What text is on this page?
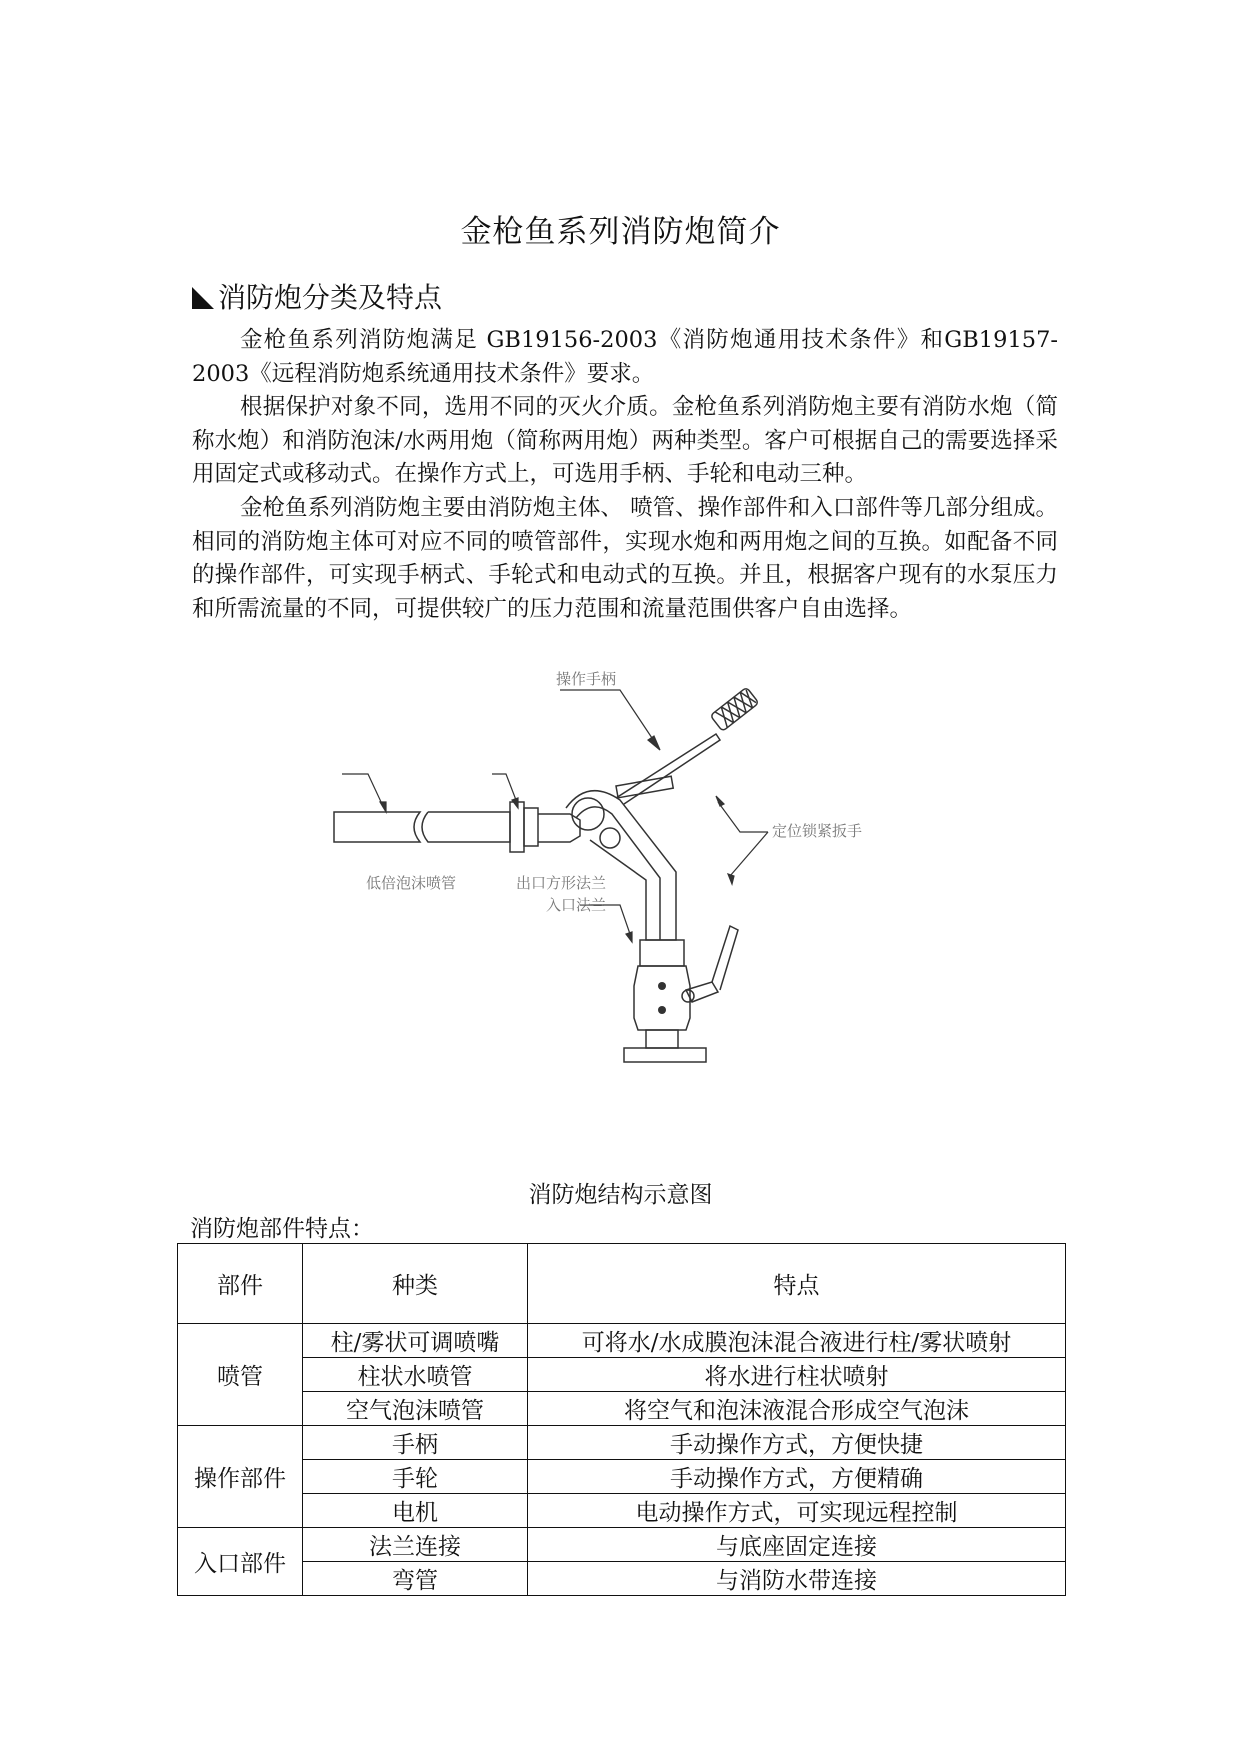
金枪鱼系列消防炮简介
消防炮分类及特点

金枪鱼系列消防炮满足 GB19156-2003《消防炮通用技术条件》和GB19157-2003《远程消防炮系统通用技术条件》要求。

根据保护对象不同，选用不同的灭火介质。金枪鱼系列消防炮主要有消防水炮（简称水炮）和消防泡沫/水两用炮（简称两用炮）两种类型。客户可根据自己的需要选择采用固定式或移动式。在操作方式上，可选用手柄、手轮和电动三种。

金枪鱼系列消防炮主要由消防炮主体、 喷管、操作部件和入口部件等几部分组成。相同的消防炮主体可对应不同的喷管部件，实现水炮和两用炮之间的互换。如配备不同的操作部件，可实现手柄式、手轮式和电动式的互换。并且，根据客户现有的水泵压力和所需流量的不同，可提供较广的压力范围和流量范围供客户自由选择。

操作手柄
定位锁紧扳手
低倍泡沫喷管	出口方形法兰
入口法兰
消防炮结构示意图
消防炮部件特点：
部件	种类	特点
喷管	柱/雾状可调喷嘴	可将水/水成膜泡沫混合液进行柱/雾状喷射
	柱状水喷管	将水进行柱状喷射
	空气泡沫喷管	将空气和泡沫液混合形成空气泡沫
操作部件	手柄	手动操作方式，方便快捷
	手轮	手动操作方式，方便精确
	电机	电动操作方式，可实现远程控制
入口部件	法兰连接	与底座固定连接
	弯管	与消防水带连接
